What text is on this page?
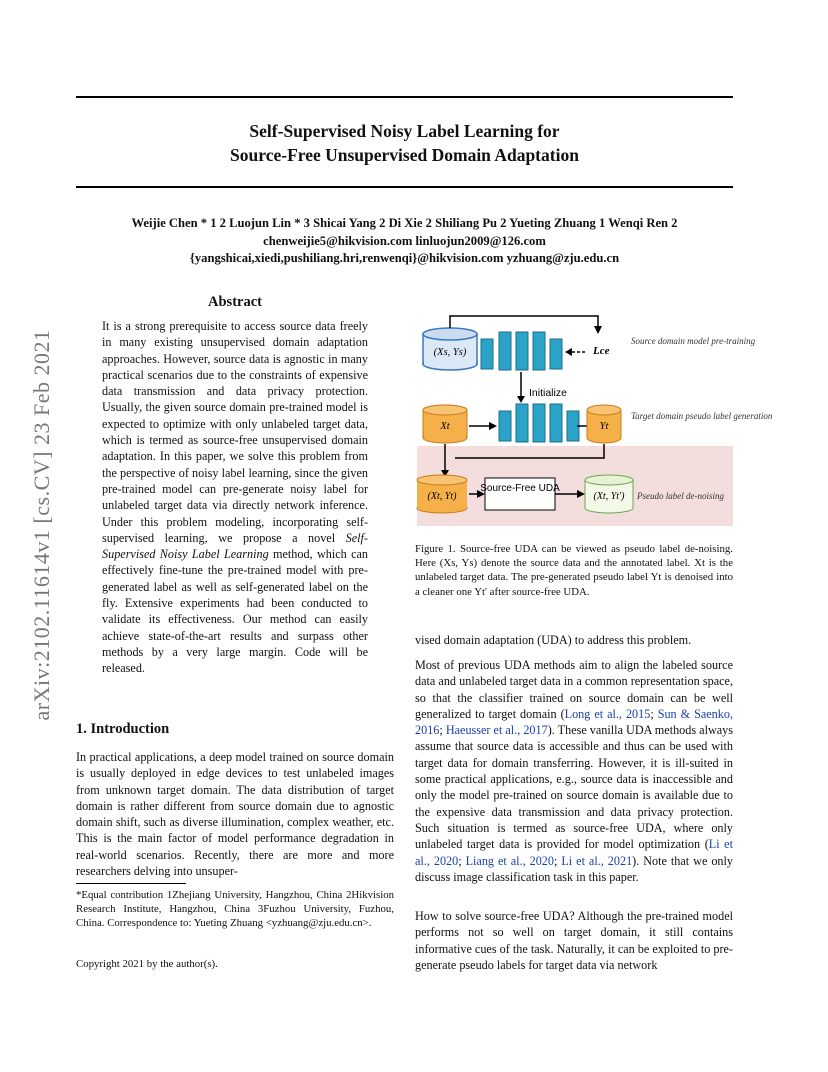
arXiv:2102.11614v1 [cs.CV] 23 Feb 2021
Self-Supervised Noisy Label Learning for
Source-Free Unsupervised Domain Adaptation
Weijie Chen * 1 2 Luojun Lin * 3 Shicai Yang 2 Di Xie 2 Shiliang Pu 2 Yueting Zhuang 1 Wenqi Ren 2
chenweijie5@hikvision.com linluojun2009@126.com
{yangshicai,xiedi,pushiliang.hri,renwenqi}@hikvision.com yzhuang@zju.edu.cn
Abstract
It is a strong prerequisite to access source data freely in many existing unsupervised domain adaptation approaches. However, source data is agnostic in many practical scenarios due to the constraints of expensive data transmission and data privacy protection. Usually, the given source domain pre-trained model is expected to optimize with only unlabeled target data, which is termed as source-free unsupervised domain adaptation. In this paper, we solve this problem from the perspective of noisy label learning, since the given pre-trained model can pre-generate noisy label for unlabeled target data via directly network inference. Under this problem modeling, incorporating self-supervised learning, we propose a novel Self-Supervised Noisy Label Learning method, which can effectively fine-tune the pre-trained model with pre-generated label as well as self-generated label on the fly. Extensive experiments had been conducted to validate its effectiveness. Our method can easily achieve state-of-the-art results and surpass other methods by a very large margin. Code will be released.
1. Introduction
In practical applications, a deep model trained on source domain is usually deployed in edge devices to test unlabeled images from unknown target domain. The data distribution of target domain is rather different from source domain due to agnostic domain shift, such as diverse illumination, complex weather, etc. This is the main factor of model performance degradation in real-world scenarios. Recently, there are more and more researchers delving into unsuper-
*Equal contribution 1Zhejiang University, Hangzhou, China 2Hikvision Research Institute, Hangzhou, China 3Fuzhou University, Fuzhou, China. Correspondence to: Yueting Zhuang <yzhuang@zju.edu.cn>.
Copyright 2021 by the author(s).
(Xs, Ys)	Lce
Source domain model pre-training
Initialize
Xt	Yt
Target domain pseudo label generation
(Xt, Yt)
Source-Free UDA
(Xt, Yt') Pseudo label de-noising
Figure 1. Source-free UDA can be viewed as pseudo label de-noising. Here (Xs, Ys) denote the source data and the annotated label. Xt is the unlabeled target data. The pre-generated pseudo label Yt is denoised into a cleaner one Yt' after source-free UDA.
vised domain adaptation (UDA) to address this problem.
Most of previous UDA methods aim to align the labeled source data and unlabeled target data in a common representation space, so that the classifier trained on source domain can be well generalized to target domain (Long et al., 2015; Sun & Saenko, 2016; Haeusser et al., 2017). These vanilla UDA methods always assume that source data is accessible and thus can be used with target data for domain transferring. However, it is ill-suited in some practical applications, e.g., source data is inaccessible and only the model pre-trained on source domain is available due to the expensive data transmission and data privacy protection. Such situation is termed as source-free UDA, where only unlabeled target data is provided for model optimization (Li et al., 2020; Liang et al., 2020; Li et al., 2021). Note that we only discuss image classification task in this paper.
How to solve source-free UDA? Although the pre-trained model performs not so well on target domain, it still contains informative cues of the task. Naturally, it can be exploited to pre-generate pseudo labels for target data via network
